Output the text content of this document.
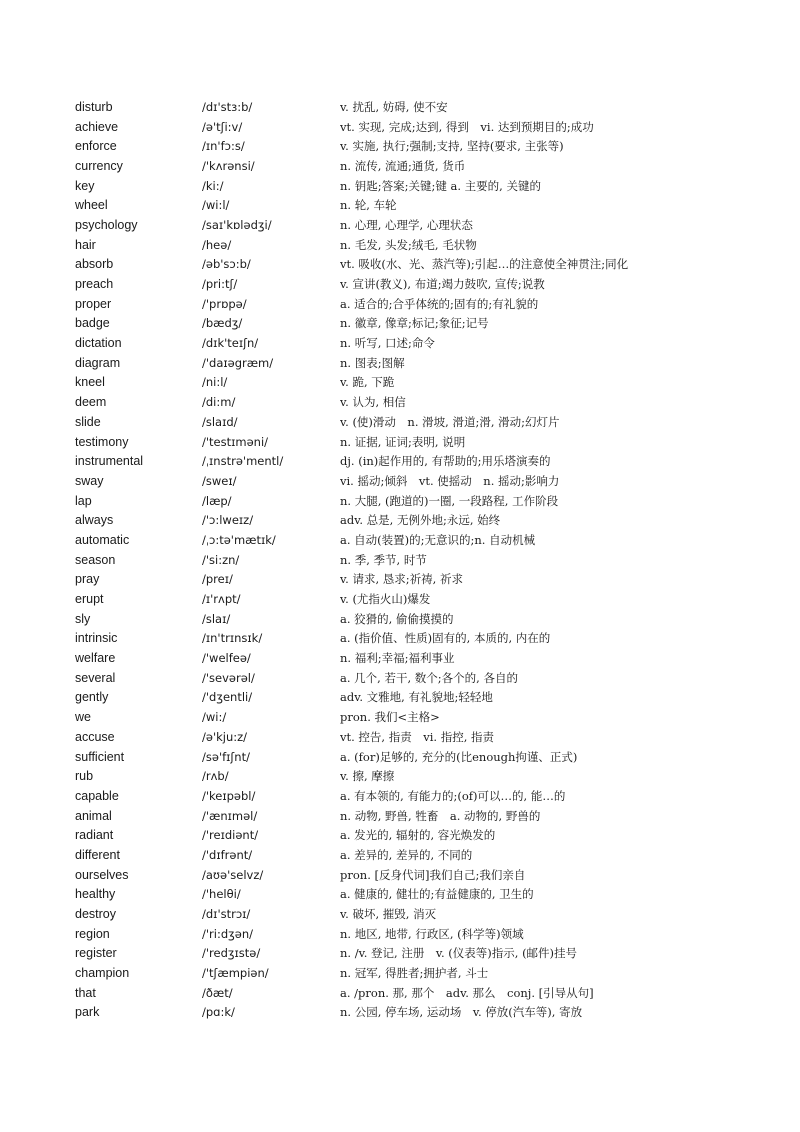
disturb	/dɪ'stɜ:b/	v. 扰乱, 妨碍, 使不安
achieve	/ə'tʃi:v/	vt. 实现, 完成;达到, 得到　vi. 达到预期目的;成功
enforce	/ɪn'fɔ:s/	v. 实施, 执行;强制;支持, 坚持(要求, 主张等)
currency	/'kʌrənsi/	n. 流传, 流通;通货, 货币
key	/ki:/	n. 钥匙;答案;关键;键 a. 主要的, 关键的
wheel	/wi:l/	n. 轮, 车轮
psychology	/saɪ'kɒlədʒi/	n. 心理, 心理学, 心理状态
hair	/heə/	n. 毛发, 头发;绒毛, 毛状物
absorb	/əb'sɔ:b/	vt. 吸收(水、光、蒸汽等);引起…的注意使全神贯注;同化
preach	/pri:tʃ/	v. 宣讲(教义), 布道;竭力鼓吹, 宣传;说教
proper	/'prɒpə/	a. 适合的;合乎体统的;固有的;有礼貌的
badge	/bædʒ/	n. 徽章, 像章;标记;象征;记号
dictation	/dɪk'teɪʃn/	n. 听写, 口述;命令
diagram	/'daɪəgræm/	n. 图表;图解
kneel	/ni:l/	v. 跪, 下跪
deem	/di:m/	v. 认为, 相信
slide	/slaɪd/	v. (使)滑动　n. 滑坡, 滑道;滑, 滑动;幻灯片
testimony	/'testɪməni/	n. 证据, 证词;表明, 说明
instrumental	/ˌɪnstrə'mentl/	dj. (in)起作用的, 有帮助的;用乐塔演奏的
sway	/sweɪ/	vi. 摇动;倾斜　vt. 使摇动　n. 摇动;影响力
lap	/læp/	n. 大腿, (跑道的)一圈, 一段路程, 工作阶段
always	/'ɔ:lweɪz/	adv. 总是, 无例外地;永远, 始终
automatic	/ˌɔ:tə'mætɪk/	a. 自动(装置)的;无意识的;n. 自动机械
season	/'si:zn/	n. 季, 季节, 时节
pray	/preɪ/	v. 请求, 恳求;祈祷, 祈求
erupt	/ɪ'rʌpt/	v. (尤指火山)爆发
sly	/slaɪ/	a. 狡猾的, 偷偷摸摸的
intrinsic	/ɪn'trɪnsɪk/	a. (指价值、性质)固有的, 本质的, 内在的
welfare	/'welfeə/	n. 福利;幸福;福利事业
several	/'sevərəl/	a. 几个, 若干, 数个;各个的, 各自的
gently	/'dʒentli/	adv. 文雅地, 有礼貌地;轻轻地
we	/wi:/	pron. 我们<主格>
accuse	/ə'kju:z/	vt. 控告, 指责　vi. 指控, 指责
sufficient	/sə'fɪʃnt/	a. (for)足够的, 充分的(比enough拘谨、正式)
rub	/rʌb/	v. 擦, 摩擦
capable	/'keɪpəbl/	a. 有本领的, 有能力的;(of)可以…的, 能…的
animal	/'ænɪməl/	n. 动物, 野兽, 牲畜　a. 动物的, 野兽的
radiant	/'reɪdiənt/	a. 发光的, 辐射的, 容光焕发的
different	/'dɪfrənt/	a. 差异的, 差异的, 不同的
ourselves	/aʊə'selvz/	pron. [反身代词]我们自己;我们亲自
healthy	/'helθi/	a. 健康的, 健壮的;有益健康的, 卫生的
destroy	/dɪ'strɔɪ/	v. 破坏, 摧毁, 消灭
region	/'ri:dʒən/	n. 地区, 地带, 行政区, (科学等)领域
register	/'redʒɪstə/	n. /v. 登记, 注册　v. (仪表等)指示, (邮件)挂号
champion	/'tʃæmpiən/	n. 冠军, 得胜者;拥护者, 斗士
that	/ðæt/	a. /pron. 那, 那个　adv. 那么　conj. [引导从句]
park	/pɑ:k/	n. 公园, 停车场, 运动场　v. 停放(汽车等), 寄放
